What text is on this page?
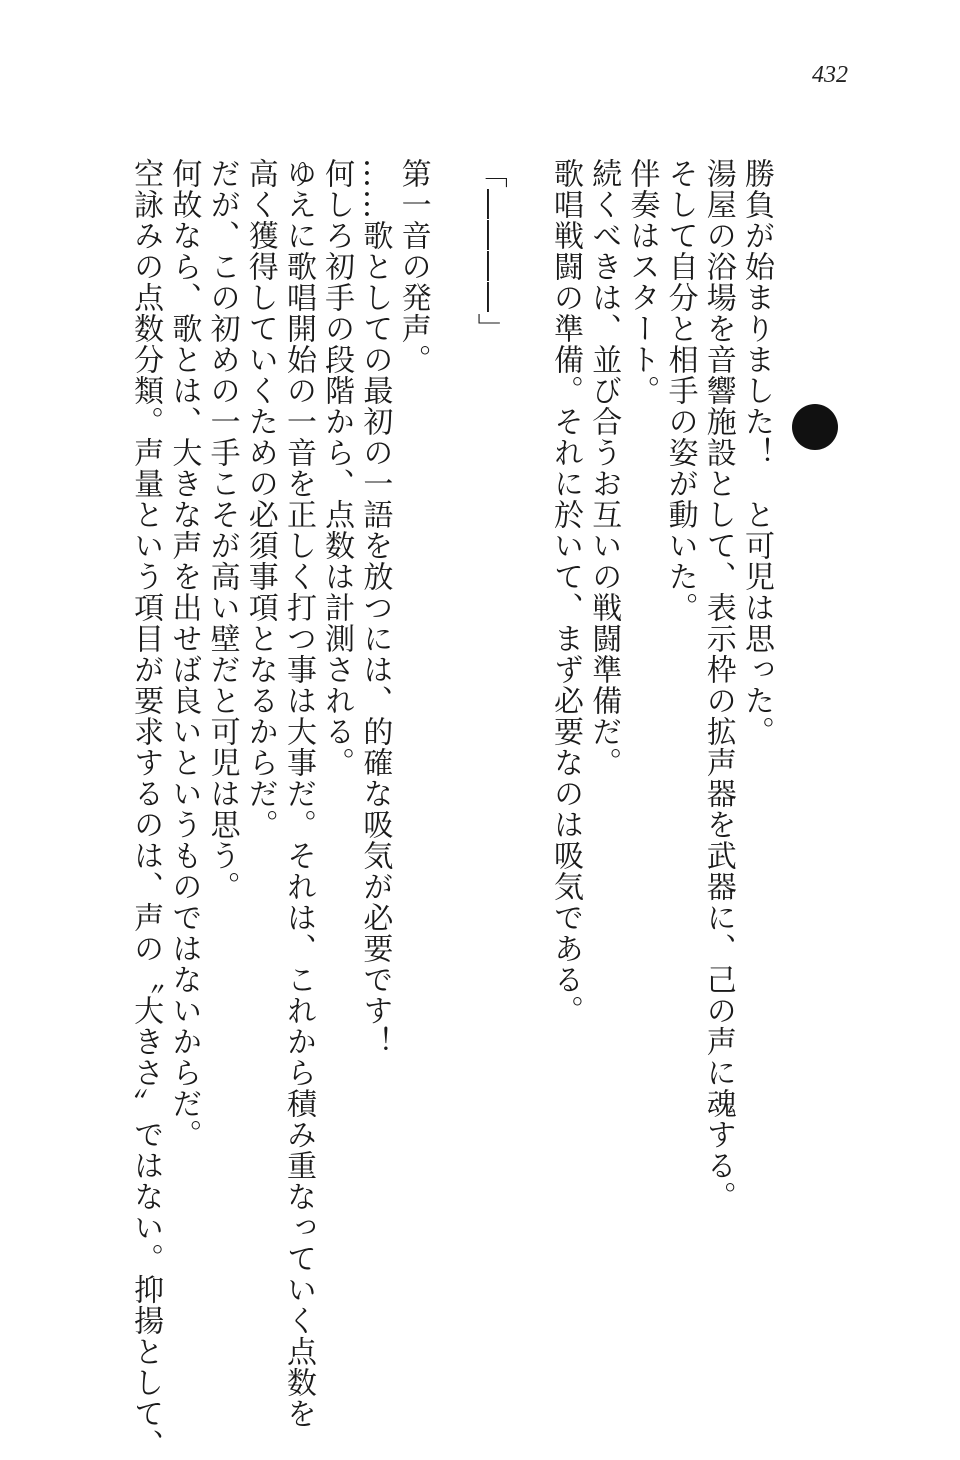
432
勝負が始まりました！　と可児は思った。
湯屋の浴場を音響施設として、表示枠の拡声器を武器に、己の声に魂する。
そして自分と相手の姿が動いた。
伴奏はスタート。
続くべきは、並び合うお互いの戦闘準備だ。
歌唱戦闘の準備。それに於いて、まず必要なのは吸気である。
「――――」
第一音の発声。
……歌としての最初の一語を放つには、的確な吸気が必要です！
何しろ初手の段階から、点数は計測される。
ゆえに歌唱開始の一音を正しく打つ事は大事だ。それは、これから積み重なっていく点数を
高く獲得していくための必須事項となるからだ。
だが、この初めの一手こそが高い壁だと可児は思う。
何故なら、歌とは、大きな声を出せば良いというものではないからだ。
空詠みの点数分類。声量という項目が要求するのは、声の〝大きさ〟ではない。抑揚として、
